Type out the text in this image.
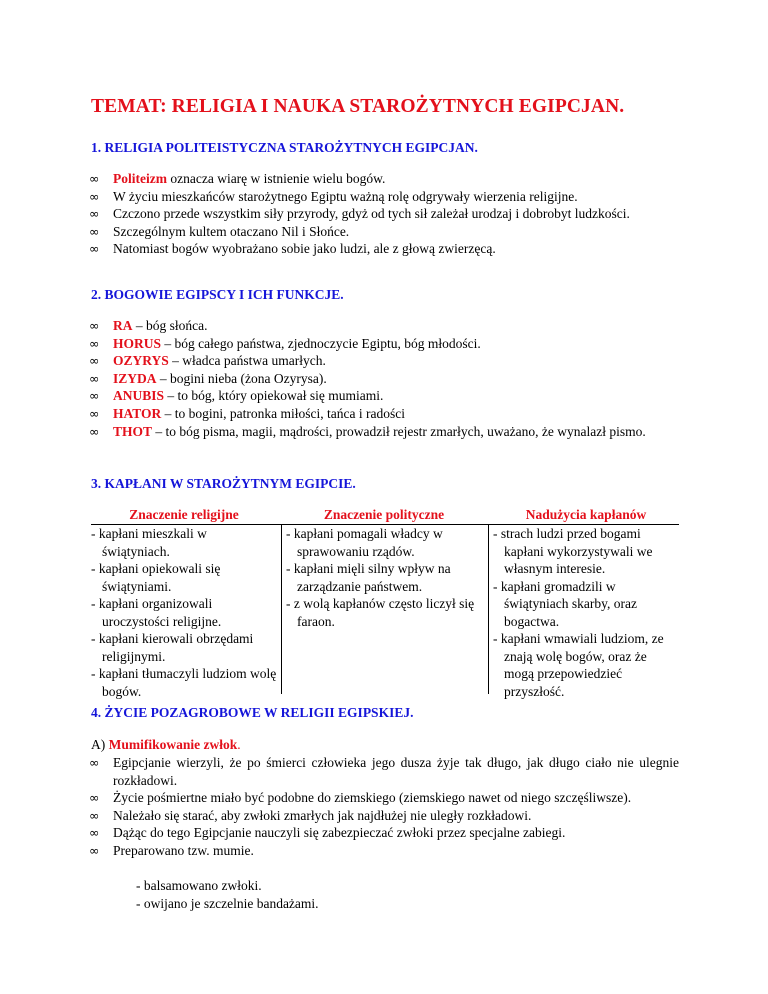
TEMAT: RELIGIA I NAUKA STAROŻYTNYCH EGIPCJAN.
1. RELIGIA POLITEISTYCZNA STAROŻYTNYCH EGIPCJAN.
∞ Politeizm oznacza wiarę w istnienie wielu bogów.
∞ W życiu mieszkańców starożytnego Egiptu ważną rolę odgrywały wierzenia religijne.
∞ Czczono przede wszystkim siły przyrody, gdyż od tych sił zależał urodzaj i dobrobyt ludzkości.
∞ Szczególnym kultem otaczano Nil i Słońce.
∞ Natomiast bogów wyobrażano sobie jako ludzi, ale z głową zwierzęcą.
2. BOGOWIE EGIPSCY I ICH FUNKCJE.
∞ RA – bóg słońca.
∞ HORUS – bóg całego państwa, zjednoczycie Egiptu, bóg młodości.
∞ OZYRYS – władca państwa umarłych.
∞ IZYDA – bogini nieba (żona Ozyrysa).
∞ ANUBIS – to bóg, który opiekował się mumiami.
∞ HATOR – to bogini, patronka miłości, tańca i radości
∞ THOT – to bóg pisma, magii, mądrości, prowadził rejestr zmarłych, uważano, że wynalazł pismo.
3. KAPŁANI W STAROŻYTNYM EGIPCIE.
Znaczenie religijne
- kapłani mieszkali w świątyniach.
- kapłani opiekowali się świątyniami.
- kapłani organizowali uroczystości religijne.
- kapłani kierowali obrzędami religijnymi.
- kapłani tłumaczyli ludziom wolę bogów.
Znaczenie polityczne
- kapłani pomagali władcy w sprawowaniu rządów.
- kapłani mięli silny wpływ na zarządzanie państwem.
- z wolą kapłanów często liczył się faraon.
Nadużycia kapłanów
- strach ludzi przed bogami kapłani wykorzystywali we własnym interesie.
- kapłani gromadzili w świątyniach skarby, oraz bogactwa.
- kapłani wmawiali ludziom, ze znają wolę bogów, oraz że mogą przepowiedzieć przyszłość.
4. ŻYCIE POZAGROBOWE W RELIGII EGIPSKIEJ.
A) Mumifikowanie zwłok.
∞ Egipcjanie wierzyli, że po śmierci człowieka jego dusza żyje tak długo, jak długo ciało nie ulegnie rozkładowi.
∞ Życie pośmiertne miało być podobne do ziemskiego (ziemskiego nawet od niego szczęśliwsze).
∞ Należało się starać, aby zwłoki zmarłych jak najdłużej nie uległy rozkładowi.
∞ Dążąc do tego Egipcjanie nauczyli się zabezpieczać zwłoki przez specjalne zabiegi.
∞ Preparowano tzw. mumie.
- balsamowano zwłoki.
- owijano je szczelnie bandażami.
